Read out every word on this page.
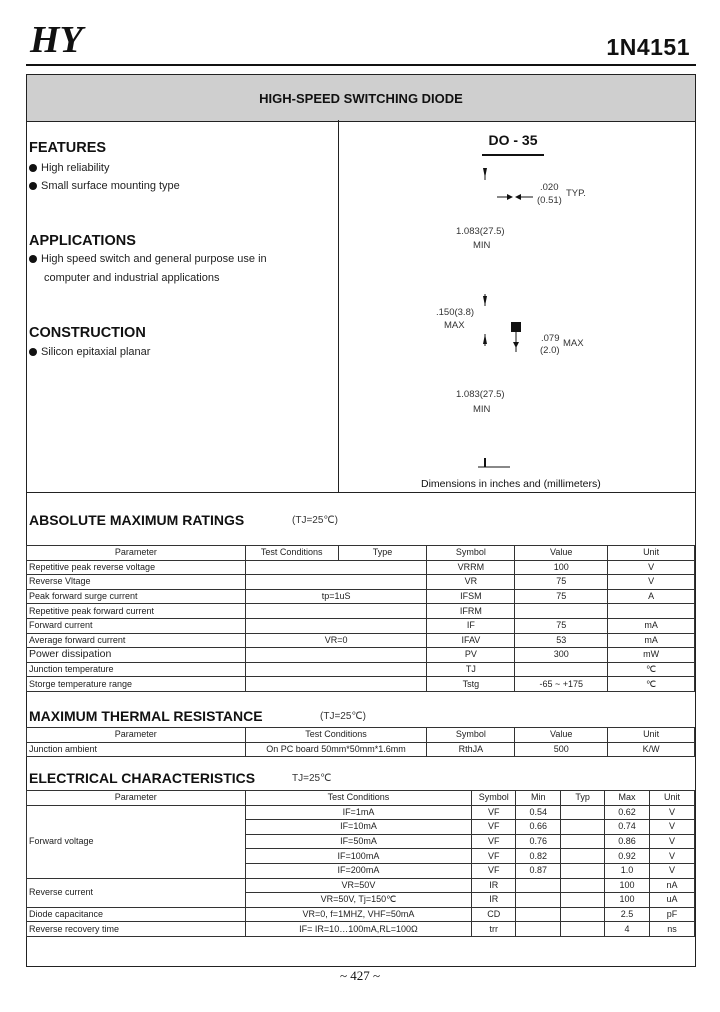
HY	1N4151
HIGH-SPEED SWITCHING DIODE
FEATURES
High reliability
Small surface mounting type
APPLICATIONS
High speed switch and general purpose use in
computer and industrial applications
CONSTRUCTION
Silicon epitaxial planar
DO - 35
.020
(0.51)
TYP.
1.083(27.5)
MIN
.150(3.8)
MAX
.079
(2.0)
MAX
1.083(27.5)
MIN
Dimensions in inches and (millimeters)
ABSOLUTE MAXIMUM RATINGS	(TJ=25℃)
Parameter	Test Conditions	Type	Symbol	Value	Unit
Repetitive peak reverse voltage			VRRM	100	V
Reverse Vltage			VR	75	V
Peak forward surge current	tp=1uS		IFSM	75	A
Repetitive peak forward current			IFRM		
Forward current			IF	75	mA
Average forward current	VR=0		IFAV	53	mA
Power dissipation			PV	300	mW
Junction temperature			TJ		℃
Storge temperature range			Tstg	-65 ~ +175	℃
MAXIMUM THERMAL RESISTANCE	(TJ=25℃)
Parameter	Test Conditions	Symbol	Value	Unit
Junction ambient	On PC board 50mm*50mm*1.6mm	RthJA	500	K/W
ELECTRICAL CHARACTERISTICS	TJ=25℃
Parameter	Test Conditions	Symbol	Min	Typ	Max	Unit
Forward voltage	IF=1mA	VF	0.54		0.62	V
	IF=10mA	VF	0.66		0.74	V
	IF=50mA	VF	0.76		0.86	V
	IF=100mA	VF	0.82		0.92	V
	IF=200mA	VF	0.87		1.0	V
Reverse current	VR=50V	IR			100	nA
	VR=50V, Tj=150℃	IR			100	uA
Diode capacitance	VR=0, f=1MHZ, VHF=50mA	CD			2.5	pF
Reverse recovery time	IF= IR=10…100mA,RL=100Ω	trr			4	ns
~ 427 ~
